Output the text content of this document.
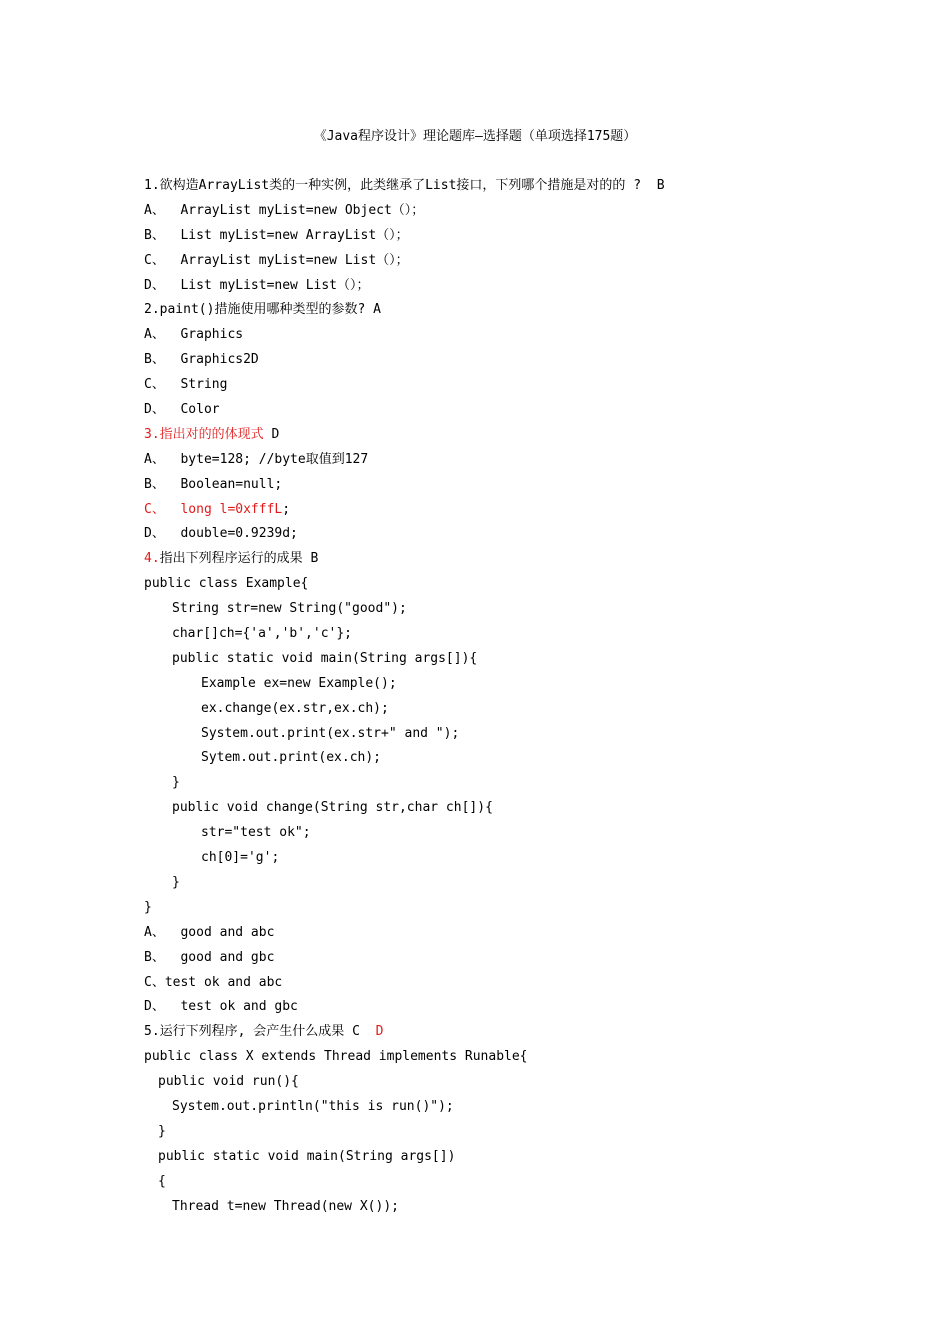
《Java程序设计》理论题库—选择题（单项选择175题）
1.欲构造ArrayList类的一种实例，此类继承了List接口，下列哪个措施是对的的 ?  B
A、  ArrayList myList=new Object（）；
B、  List myList=new ArrayList（）；
C、  ArrayList myList=new List（）；
D、  List myList=new List（）；
2.paint()措施使用哪种类型的参数? A
A、  Graphics
B、  Graphics2D
C、  String
D、  Color
3.指出对的的体现式 D
A、  byte=128; //byte取值到127
B、  Boolean=null;
C、  long l=0xfffL;
D、  double=0.9239d;
4.指出下列程序运行的成果 B
public class Example{
String str=new String("good");
char[]ch={'a','b','c'};
public static void main(String args[]){
Example ex=new Example();
ex.change(ex.str,ex.ch);
System.out.print(ex.str+" and ");
Sytem.out.print(ex.ch);
}
public void change(String str,char ch[]){
str="test ok";
ch[0]='g';
}
}
A、  good and abc
B、  good and gbc
C、test ok and abc
D、  test ok and gbc
5.运行下列程序, 会产生什么成果 C  D
public class X extends Thread implements Runable{
public void run(){
System.out.println("this is run()");
}
public static void main(String args[])
{
Thread t=new Thread(new X());
